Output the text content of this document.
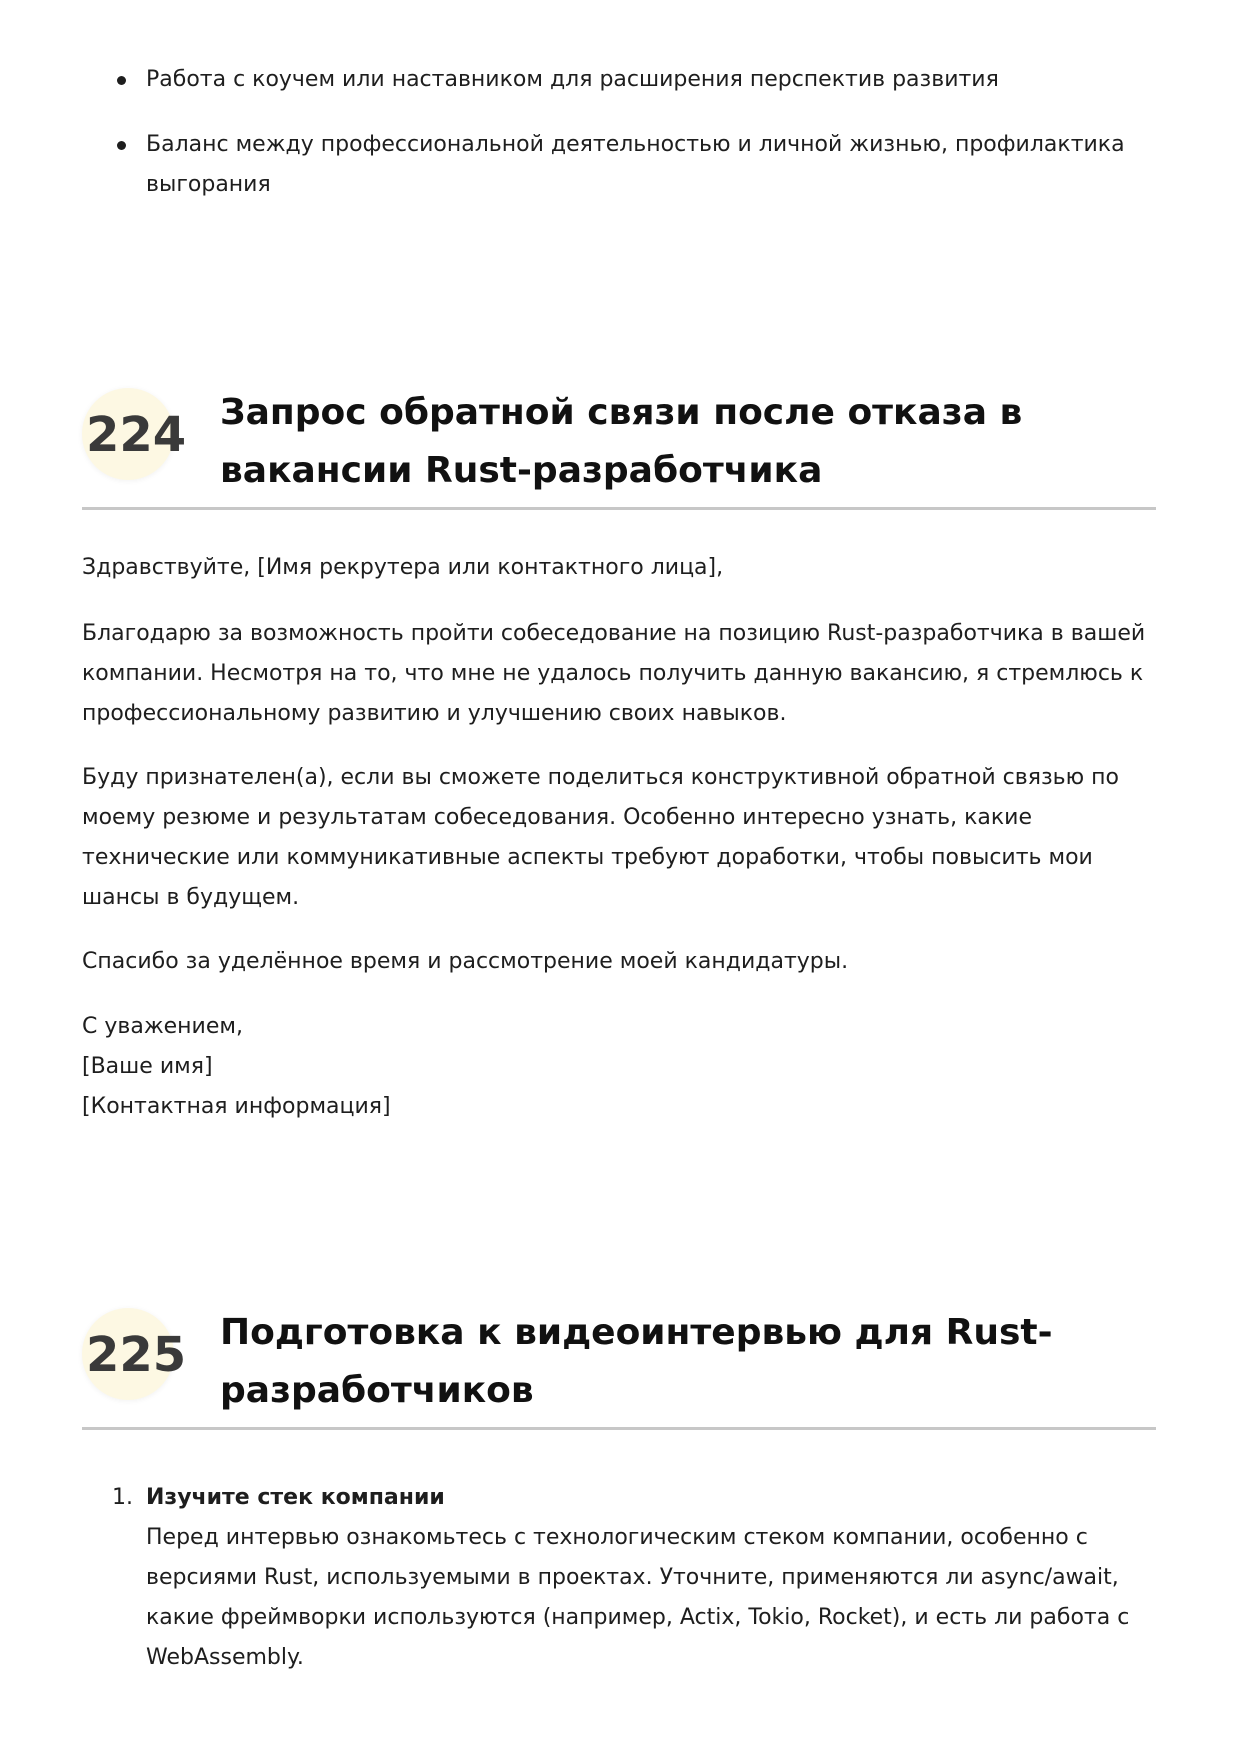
Работа с коучем или наставником для расширения перспектив развития
Баланс между профессиональной деятельностью и личной жизнью, профилактика выгорания
224 Запрос обратной связи после отказа в вакансии Rust-разработчика

Здравствуйте, [Имя рекрутера или контактного лица],

Благодарю за возможность пройти собеседование на позицию Rust-разработчика в вашей компании. Несмотря на то, что мне не удалось получить данную вакансию, я стремлюсь к профессиональному развитию и улучшению своих навыков.

Буду признателен(а), если вы сможете поделиться конструктивной обратной связью по моему резюме и результатам собеседования. Особенно интересно узнать, какие технические или коммуникативные аспекты требуют доработки, чтобы повысить мои шансы в будущем.

Спасибо за уделённое время и рассмотрение моей кандидатуры.

С уважением,

[Ваше имя]

[Контактная информация]

225 Подготовка к видеоинтервью для Rust-разработчиков
1. Изучите стек компании
Перед интервью ознакомьтесь с технологическим стеком компании, особенно с версиями Rust, используемыми в проектах. Уточните, применяются ли async/await, какие фреймворки используются (например, Actix, Tokio, Rocket), и есть ли работа с WebAssembly.
